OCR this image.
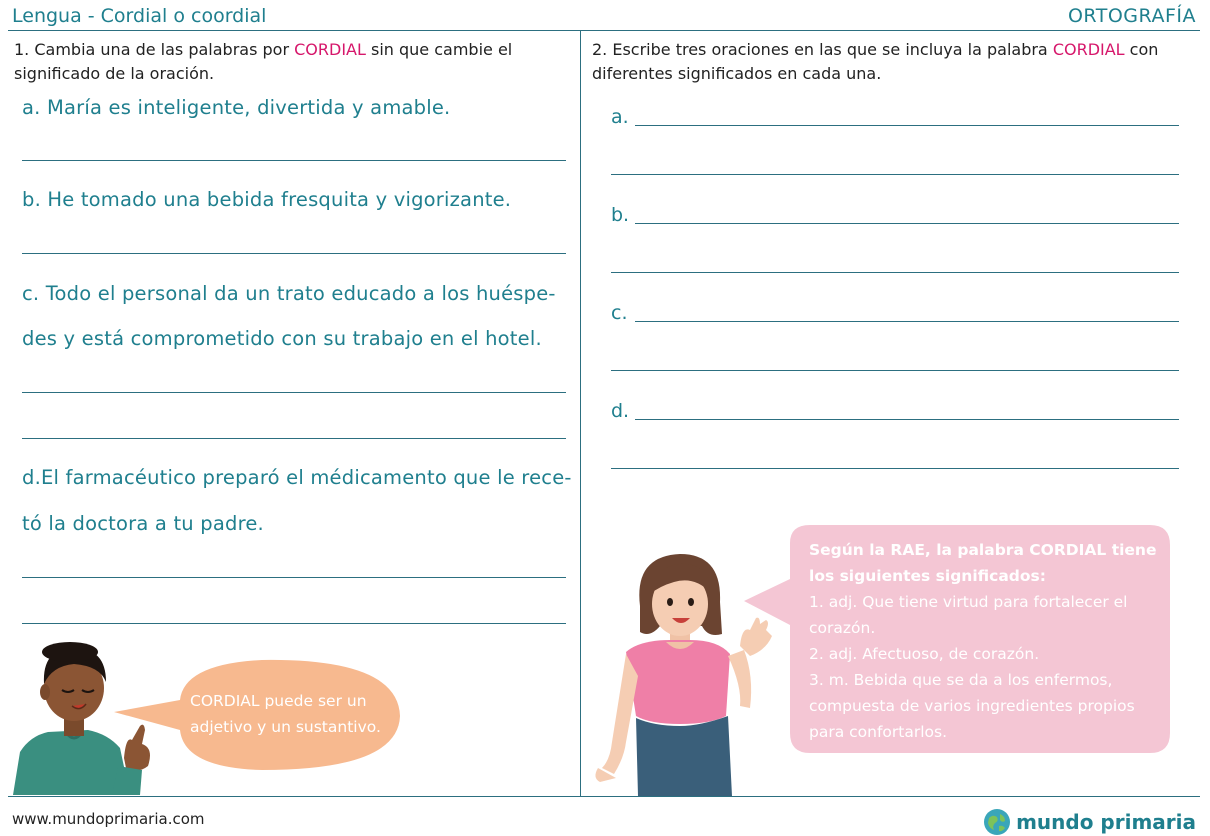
Lengua - Cordial o coordial	ORTOGRAFÍA
1. Cambia una de las palabras por CORDIAL sin que cambie el significado de la oración.
a. María es inteligente, divertida y amable.
b. He tomado una bebida fresquita y vigorizante.
c. Todo el personal da un trato educado a los huéspe-
des y está comprometido con su trabajo en el hotel.
d.El farmacéutico preparó el médicamento que le rece-
tó la doctora a tu padre.
2. Escribe tres oraciones en las que se incluya la palabra CORDIAL con diferentes significados en cada una.
a.
b.
c.
d.
CORDIAL puede ser un adjetivo y un sustantivo.
Según la RAE, la palabra CORDIAL tiene los siguientes significados:
1. adj. Que tiene virtud para fortalecer el corazón.
2. adj. Afectuoso, de corazón.
3. m. Bebida que se da a los enfermos, compuesta de varios ingredientes propios para confortarlos.
www.mundoprimaria.com	mundo primaria
